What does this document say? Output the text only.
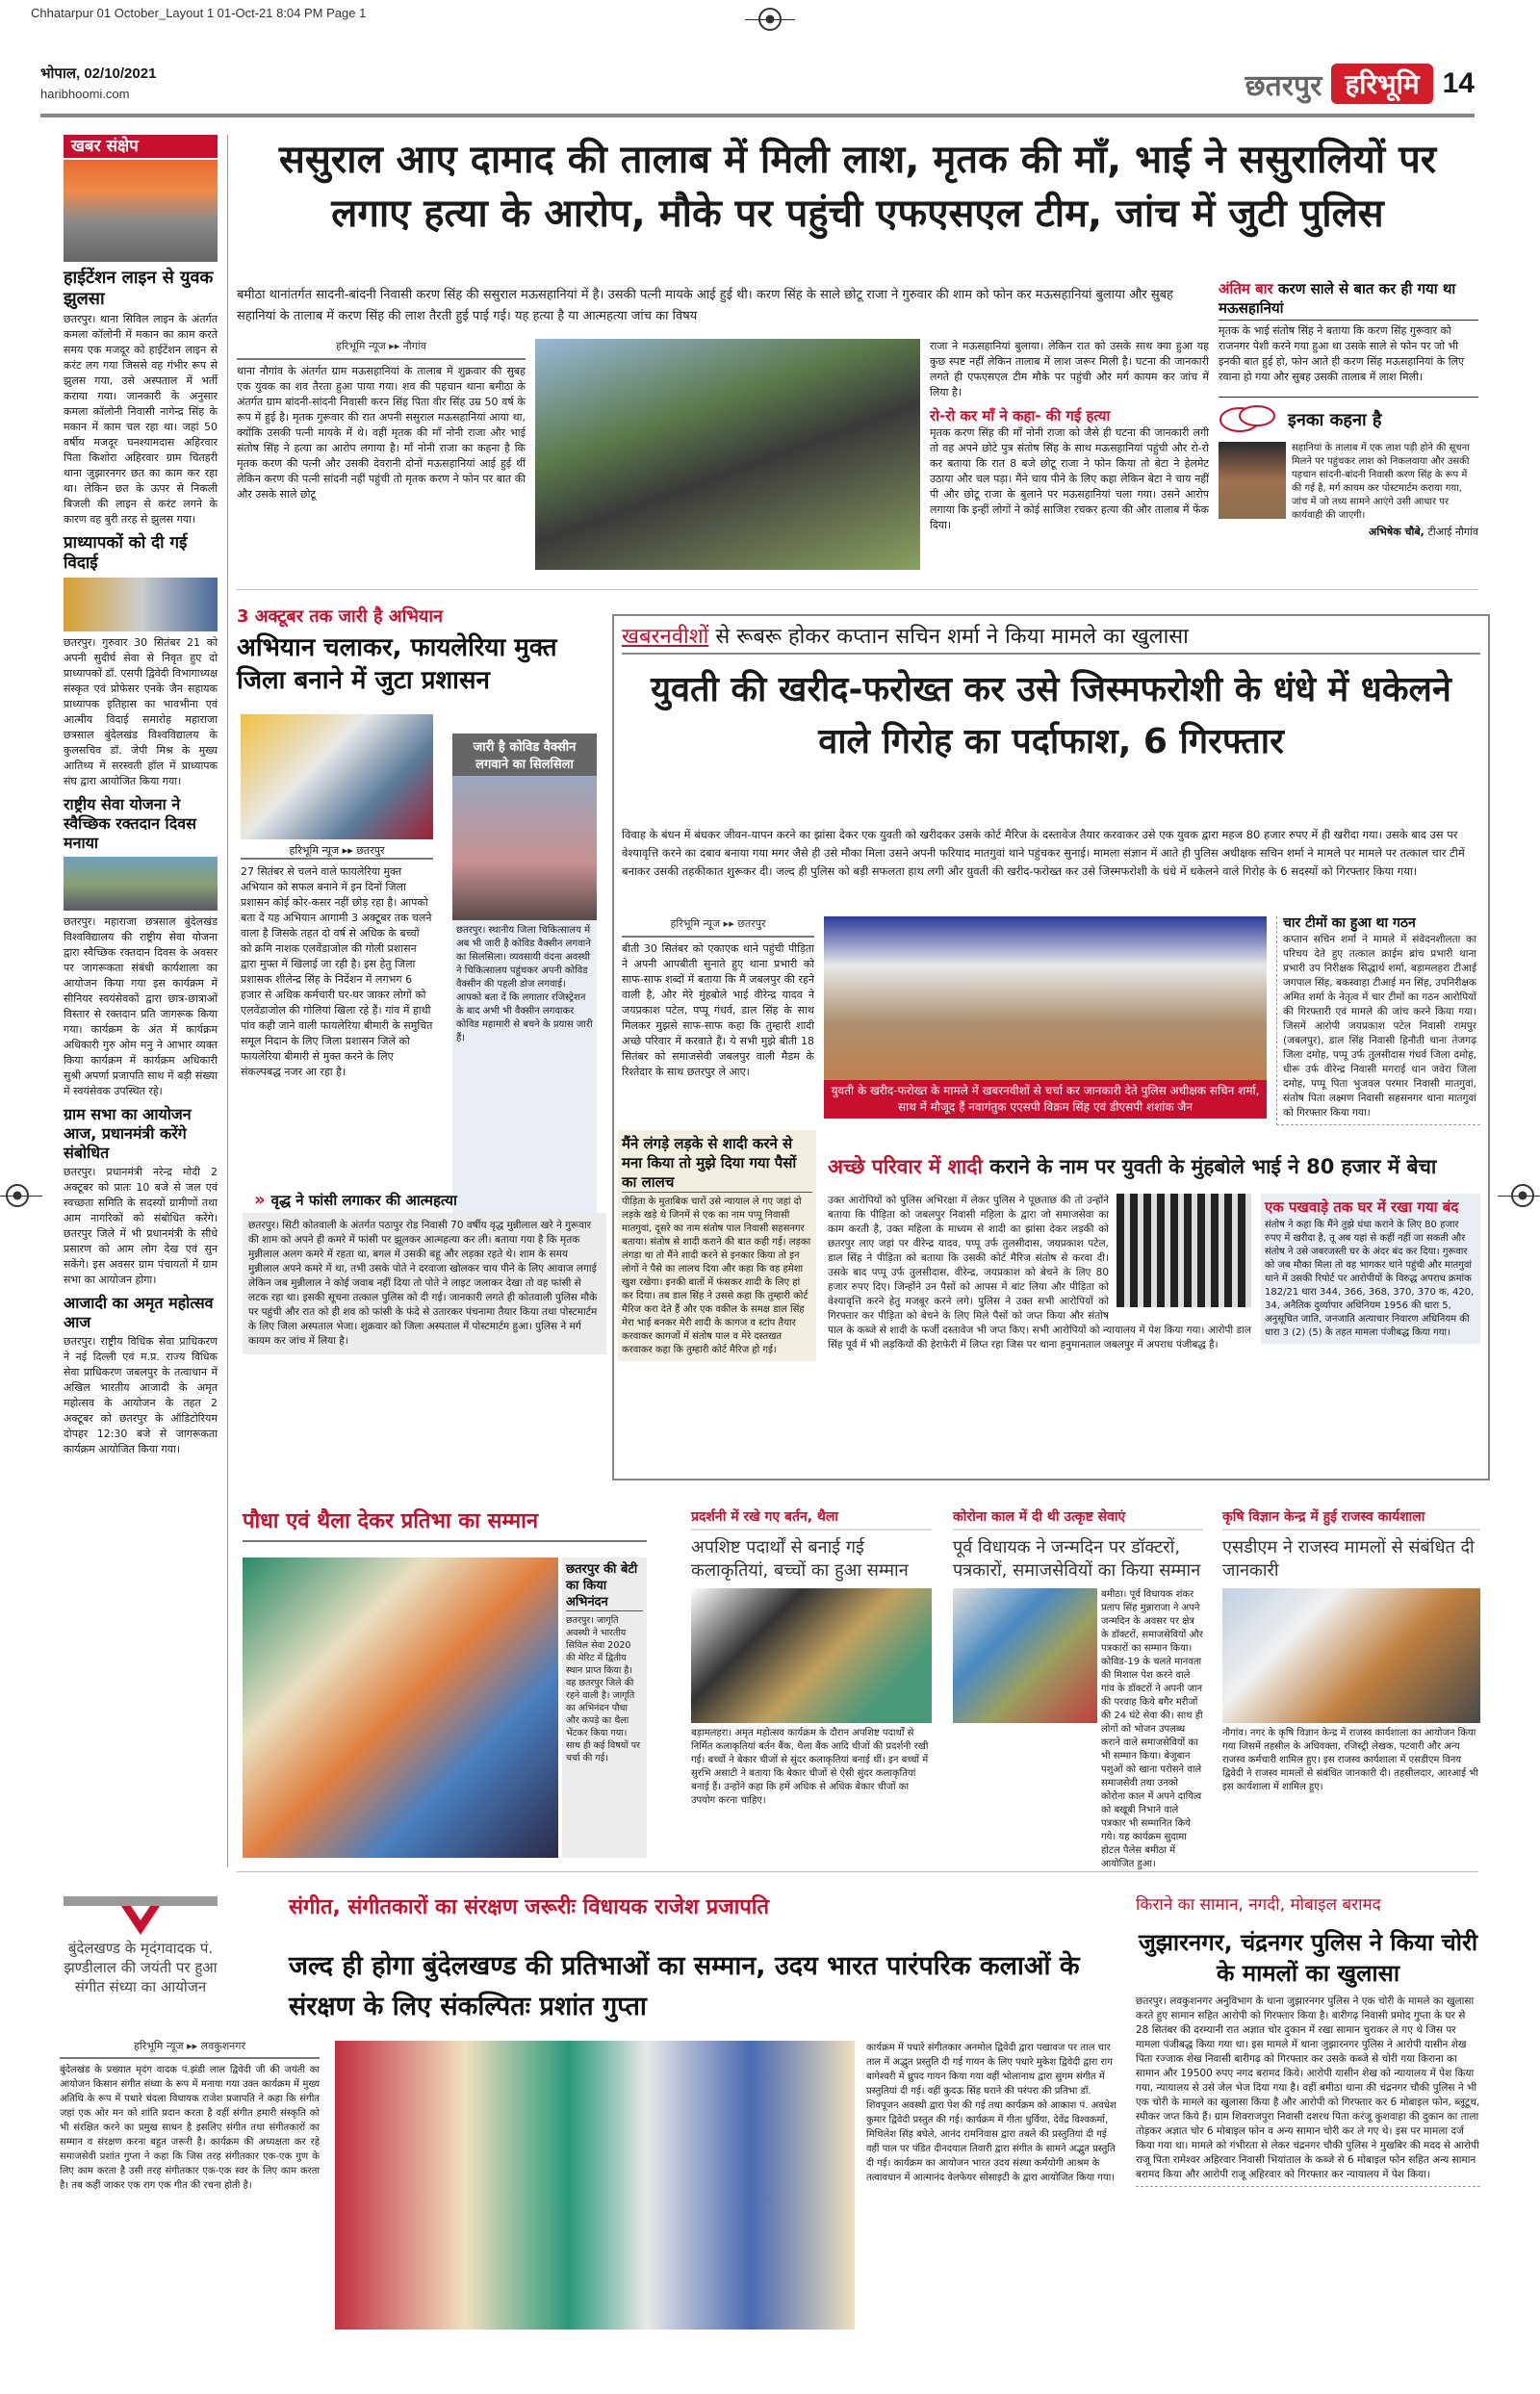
Chhatarpur 01 October_Layout 1 01-Oct-21 8:04 PM Page 1
भोपाल, 02/10/2021
haribhoomi.com	छतरपुर हरिभूमि 14
खबर संक्षेप
हाईटेंशन लाइन से युवक झुलसा

छतरपुर। थाना सिविल लाइन के अंतर्गत कमला कॉलोनी में मकान का काम करते समय एक मजदूर को हाईटेंशन लाइन से करंट लग गया जिससे वह गंभीर रूप से झुलस गया, उसे अस्पताल में भर्ती कराया गया। जानकारी के अनुसार कमला कॉलोनी निवासी नागेन्द्र सिंह के मकान में काम चल रहा था। जहां 50 वर्षीय मजदूर घनश्यामदास अहिरवार पिता किशोरा अहिरवार ग्राम चितहरी थाना जुझारनगर छत का काम कर रहा था। लेकिन छत के ऊपर से निकली बिजली की लाइन से करंट लगने के कारण वह बुरी तरह से झुलस गया।

प्राध्यापकों को दी गई विदाई

छतरपुर। गुरुवार 30 सितंबर 21 को अपनी सुदीर्घ सेवा से निवृत हुए दो प्राध्यापकों डॉ. एसपी द्विवेदी विभागाध्यक्ष संस्कृत एवं प्रोफेसर एनके जैन सहायक प्राध्यापक इतिहास का भावभीना एवं आत्मीय विदाई समारोह महाराजा छत्रसाल बुंदेलखंड विश्वविद्यालय के कुलसचिव डॉ. जेपी मिश्र के मुख्य आतिथ्य में सरस्वती हॉल में प्राध्यापक संघ द्वारा आयोजित किया गया।

राष्ट्रीय सेवा योजना ने स्वैच्छिक रक्तदान दिवस मनाया

छतरपुर। महाराजा छत्रसाल बुंदेलखंड विश्वविद्यालय की राष्ट्रीय सेवा योजना द्वारा स्वैच्छिक रक्तदान दिवस के अवसर पर जागरूकता संबंधी कार्यशाला का आयोजन किया गया इस कार्यक्रम में सीनियर स्वयंसेवकों द्वारा छात्र-छात्राओं विस्तार से रक्तदान प्रति जागरूक किया गया। कार्यक्रम के अंत में कार्यक्रम अधिकारी गुरु ओम मनु ने आभार व्यक्त किया कार्यक्रम में कार्यक्रम अधिकारी सुश्री अपर्णा प्रजापति साथ में बड़ी संख्या में स्वयंसेवक उपस्थित रहे।

ग्राम सभा का आयोजन आज, प्रधानमंत्री करेंगे संबोधित

छतरपुर। प्रधानमंत्री नरेन्द्र मोदी 2 अक्टूबर को प्रातः 10 बजे से जल एवं स्वच्छता समिति के सदस्यों ग्रामीणों तथा आम नागरिकों को संबोधित करेंगे। छतरपुर जिले में भी प्रधानमंत्री के सीधे प्रसारण को आम लोग देख एवं सुन सकेंगे। इस अवसर ग्राम पंचायतों में ग्राम सभा का आयोजन होगा।

आजादी का अमृत महोत्सव आज

छतरपुर। राष्ट्रीय विधिक सेवा प्राधिकरण ने नई दिल्ली एवं म.प्र. राज्य विधिक सेवा प्राधिकरण जबलपुर के तत्वाधान में अखिल भारतीय आजादी के अमृत महोत्सव के आयोजन के तहत 2 अक्टूबर को छतरपुर के ऑडिटोरियम दोपहर 12:30 बजे से जागरूकता कार्यक्रम आयोजित किया गया।

ससुराल आए दामाद की तालाब में मिली लाश, मृतक की माँ, भाई ने ससुरालियों पर लगाए हत्या के आरोप, मौके पर पहुंची एफएसएल टीम, जांच में जुटी पुलिस
बमीठा थानांतर्गत सादनी-बांदनी निवासी करण सिंह की ससुराल मऊसहानियां में है। उसकी पत्नी मायके आई हुई थी। करण सिंह के साले छोटू राजा ने गुरुवार की शाम को फोन कर मऊसहानियां बुलाया और सुबह सहानियां के तालाब में करण सिंह की लाश तैरती हुई पाई गई। यह हत्या है या आत्महत्या जांच का विषय
हरिभूमि न्यूज ▸▸ नौगांव

थाना नौगांव के अंतर्गत ग्राम मऊसहानियां के तालाब में शुक्रवार की सुबह एक युवक का शव तैरता हुआ पाया गया। शव की पहचान थाना बमीठा के अंतर्गत ग्राम बांदनी-सांदनी निवासी करन सिंह पिता वीर सिंह उम्र 50 वर्ष के रूप में हुई है। मृतक गुरूवार की रात अपनी ससुराल मऊसहानियां आया था, क्योंकि उसकी पत्नी मायके में थे। वहीं मृतक की माँ नोनी राजा और भाई संतोष सिंह ने हत्या का आरोप लगाया है। माँ नोनी राजा का कहना है कि मृतक करण की पत्नी और उसकी देवरानी दोनों मऊसहानियां आई हुई थीं लेकिन करण की पत्नी सांदनी नहीं पहुंची तो मृतक करण ने फोन पर बात की और उसके साले छोटू

राजा ने मऊसहानियां बुलाया। लेकिन रात को उसके साथ क्या हुआ यह कुछ स्पष्ट नहीं लेकिन तालाब में लाश जरूर मिली है। घटना की जानकारी लगते ही एफएसएल टीम मौके पर पहुंची और मर्ग कायम कर जांच में लिया है।

रो-रो कर माँ ने कहा- की गई हत्या

मृतक करण सिंह की माँ नोनी राजा को जैसे ही घटना की जानकारी लगी तो वह अपने छोटे पुत्र संतोष सिंह के साथ मऊसहानियां पहुंची और रो-रो कर बताया कि रात 8 बजे छोटू राजा ने फोन किया तो बेटा ने हेलमेट उठाया और चल पड़ा। मैंने चाय पीने के लिए कहा लेकिन बेटा ने चाय नहीं पी और छोटू राजा के बुलाने पर मऊसहानियां चला गया। उसने आरोप लगाया कि इन्हीं लोगों ने कोई साजिश रचकर हत्या की और तालाब में फेंक दिया।

अंतिम बार करण साले से बात कर ही गया था मऊसहानियां

मृतक के भाई संतोष सिंह ने बताया कि करण सिंह गुरूवार को राजनगर पेशी करने गया हुआ था उसके साले से फोन पर जो भी इनकी बात हुई हो, फोन आते ही करण सिंह मऊसहानियां के लिए रवाना हो गया और सुबह उसकी तालाब में लाश मिली।

इनका कहना है

सहानियां के तालाब में एक लाश पड़ी होने की सूचना मिलने पर पहुंचकर लाश को निकलवाया और उसकी पहचान सांदनी-बांदनी निवासी करण सिंह के रूप में की गई है, मर्ग कायम कर पोस्टमार्टम कराया गया, जांच में जो तथ्य सामने आएंगे उसी आधार पर कार्यवाही की जाएगी।

अभिषेक चौबे, टीआई नौगांव
3 अक्टूबर तक जारी है अभियान
अभियान चलाकर, फायलेरिया मुक्त जिला बनाने में जुटा प्रशासन
हरिभूमि न्यूज ▸▸ छतरपुर
27 सितंबर से चलने वाले फायलेरिया मुक्त अभियान को सफल बनाने में इन दिनों जिला प्रशासन कोई कोर-कसर नहीं छोड़ रहा है। आपको बता दें यह अभियान आगामी 3 अक्टूबर तक चलने वाला है जिसके तहत दो वर्ष से अधिक के बच्चों को क्रमि नाशक एलवेंडाजोल की गोली प्रशासन द्वारा मुफ्त में खिलाई जा रही है। इस हेतु जिला प्रशासक शीलेन्द्र सिंह के निर्देशन में लगभग 6 हजार से अधिक कर्मचारी घर-घर जाकर लोगों को एलवेंडाजोल की गोलियां खिला रहे हैं। गांव में हाथी पांव कही जाने वाली फायलेरिया बीमारी के समुचित समूल निदान के लिए जिला प्रशासन जिले को फायलेरिया बीमारी से मुक्त करने के लिए संकल्पबद्ध नजर आ रहा है।
जारी है कोविड वैक्सीन लगवाने का सिलसिला

छतरपुर। स्थानीय जिला चिकित्सालय में अब भी जारी है कोविड वैक्सीन लगवाने का सिलसिला। व्यवसायी वंदना अवस्थी ने चिकित्सालय पहुंचकर अपनी कोविड वैक्सीन की पहली डोज लगवाई। आपको बता दें कि लगातार रजिस्ट्रेशन के बाद अभी भी वैक्सीन लगवाकर कोविड महामारी से बचने के प्रयास जारी हैं।

» वृद्ध ने फांसी लगाकर की आत्महत्या
छतरपुर। सिटी कोतवाली के अंतर्गत पठापुर रोड निवासी 70 वर्षीय वृद्ध मुन्नीलाल खरे ने गुरूवार की शाम को अपने ही कमरे में फांसी पर झूलकर आत्महत्या कर ली। बताया गया है कि मृतक मुन्नीलाल अलग कमरे में रहता था, बगल में उसकी बहू और लड़का रहते थे। शाम के समय मुन्नीलाल अपने कमरे में था, तभी उसके पोते ने दरवाजा खोलकर चाय पीने के लिए आवाज लगाई लेकिन जब मुन्नीलाल ने कोई जवाब नहीं दिया तो पोते ने लाइट जलाकर देखा तो वह फांसी से लटक रहा था। इसकी सूचना तत्काल पुलिस को दी गई। जानकारी लगते ही कोतवाली पुलिस मौके पर पहुंची और रात को ही शव को फांसी के फंदे से उतारकर पंचनामा तैयार किया तथा पोस्टमार्टम के लिए जिला अस्पताल भेजा। शुक्रवार को जिला अस्पताल में पोस्टमार्टम हुआ। पुलिस ने मर्ग कायम कर जांच में लिया है।
खबरनवीशों से रूबरू होकर कप्तान सचिन शर्मा ने किया मामले का खुलासा
युवती की खरीद-फरोख्त कर उसे जिस्मफरोशी के धंधे में धकेलने वाले गिरोह का पर्दाफाश, 6 गिरफ्तार
विवाह के बंधन में बंधकर जीवन-यापन करने का झांसा देकर एक युवती को खरीदकर उसके कोर्ट मैरिज के दस्तावेज तैयार करवाकर उसे एक युवक द्वारा महज 80 हजार रुपए में ही खरीदा गया। उसके बाद उस पर वेश्यावृत्ति करने का दबाव बनाया गया मगर जैसे ही उसे मौका मिला उसने अपनी फरियाद मातगुवां थाने पहुंचकर सुनाई। मामला संज्ञान में आते ही पुलिस अधीक्षक सचिन शर्मा ने मामले पर मामले पर तत्काल चार टीमें बनाकर उसकी तहकीकात शुरूकर दी। जल्द ही पुलिस को बड़ी सफलता हाथ लगी और युवती की खरीद-फरोख्त कर उसे जिस्मफरोशी के धंधे में धकेलने वाले गिरोह के 6 सदस्यों को गिरफ्तार किया गया।
हरिभूमि न्यूज ▸▸ छतरपुर

बीती 30 सितंबर को एकाएक थाने पहुंची पीड़िता ने अपनी आपबीती सुनाते हुए थाना प्रभारी को साफ-साफ शब्दों में बताया कि मैं जबलपुर की रहने वाली है, और मेरे मुंहबोले भाई वीरेन्द्र यादव ने जयप्रकाश पटेल, पप्पू गंधर्व, डाल सिंह के साथ मिलकर मुझसे साफ-साफ कहा कि तुम्हारी शादी अच्छे परिवार में करवाते हैं। ये सभी मुझे बीती 18 सितंबर को समाजसेवी जबलपुर वाली मैडम के रिश्तेदार के साथ छतरपुर ले आए।

युवती के खरीद-फरोख्त के मामले में खबरनवीशों से चर्चा कर जानकारी देते पुलिस अधीक्षक सचिन शर्मा, साथ में मौजूद हैं नवागंतुक एएसपी विक्रम सिंह एवं डीएसपी शशांक जैन
चार टीमों का हुआ था गठन

कप्तान सचिन शर्मा ने मामले में संवेदनशीलता का परिचय देते हुए तत्काल क्राईम ब्रांच प्रभारी थाना प्रभारी उप निरीक्षक सिद्धार्थ शर्मा, बड़ामलहरा टीआई जगपाल सिंह, बकस्वाहा टीआई मन सिंह, उपनिरीक्षक अमित शर्मा के नेतृत्व में चार टीमों का गठन आरोपियों की गिरफ्तारी एवं मामले की जांच करने किया गया। जिसमें आरोपी जयप्रकाश पटेल निवासी रामपुर (जबलपुर), डाल सिंह निवासी हिनौती थाना तेजगढ़ जिला दमोह, पप्पू उर्फ तुलसीदास गंधर्व जिला दमोह, धीरू उर्फ वीरेन्द्र निवासी मगराई थान जवेरा जिला दमोह, पप्पू पिता भुजवल परमार निवासी मातगुवां, संतोष पिता लक्ष्मण निवासी सहसनगर थाना मातगुवां को गिरफ्तार किया गया।

मैंने लंगड़े लड़के से शादी करने से मना किया तो मुझे दिया गया पैसों का लालच

पीड़िता के मुताबिक चारों उसे न्यायाल ले गए जहां दो लड़के खड़े थे जिनमें से एक का नाम पप्पू निवासी मातगुवां, दूसरे का नाम संतोष पाल निवासी सहसनगर बताया। संतोष से शादी कराने की बात कही गई। लड़का लंगड़ा था तो मैंने शादी करने से इनकार किया तो इन लोगों ने पैसे का लालच दिया और कहा कि वह हमेशा खुश रखेगा। इनकी बातों में फंसकर शादी के लिए हां कर दिया। तब डाल सिंह ने उससे कहा कि तुम्हारी कोर्ट मैरिज करा देते हैं और एक वकील के समक्ष डाल सिंह मेरा भाई बनकर मेरी शादी के कागज व स्टांप तैयार करवाकर कागजों में संतोष पाल व मेरे दस्तखत करवाकर कहा कि तुम्हारी कोर्ट मैरिज हो गई।

अच्छे परिवार में शादी कराने के नाम पर युवती के मुंहबोले भाई ने 80 हजार में बेचा

उक्त आरोपियों को पुलिस अभिरक्षा में लेकर पुलिस ने पूछताछ की तो उन्होंने बताया कि पीड़िता को जबलपुर निवासी महिला के द्वारा जो समाजसेवा का काम करती है, उक्त महिला के माध्यम से शादी का झांसा देकर लड़की को छतरपुर लाए जहां पर वीरेन्द्र यादव, पप्पू उर्फ तुलसीदास, जयप्रकाश पटेल, डाल सिंह ने पीड़िता को बताया कि उसकी कोर्ट मैरिज संतोष से करवा दी। उसके बाद पप्पू उर्फ तुलसीदास, वीरेन्द्र, जयप्रकाश को बेचने के लिए 80 हजार रुपए दिए। जिन्होंने उन पैसों को आपस में बांट लिया और पीड़िता को वेश्यावृत्ति करने हेतु मजबूर करने लगे। पुलिस ने उक्त सभी आरोपियों को गिरफ्तार कर पीड़िता को बेचने के लिए मिले पैसों को जप्त किया और संतोष पाल के कब्जे से शादी के फर्जी दस्तावेज भी जप्त किए। सभी आरोपियों को न्यायालय में पेश किया गया। आरोपी डाल सिंह पूर्व में भी लड़कियों की हेराफेरी में लिप्त रहा जिस पर थाना हनुमानताल जबलपुर में अपराध पंजीबद्ध है।

एक पखवाड़े तक घर में रखा गया बंद

संतोष ने कहा कि मैंने तुझे धंधा कराने के लिए 80 हजार रुपए में खरीदा है, तू अब यहां से कहीं नहीं जा सकती और संतोष ने उसे जबरजस्ती घर के अंदर बंद कर दिया। गुरूवार को जब मौका मिला तो वह भागकर थाने पहुंची और मातगुवां थाने में उसकी रिपोर्ट पर आरोपीयों के विरुद्ध अपराध क्रमांक 182/21 धारा 344, 366, 368, 370, 370 क, 420, 34, अनैतिक दुर्व्यापार अधिनियम 1956 की धारा 5, अनुसूचित जाति, जनजाति अत्याचार निवारण अधिनियम की धारा 3 (2) (5) के तहत मामला पंजीबद्ध किया गया।

पौधा एवं थैला देकर प्रतिभा का सम्मान
छतरपुर की बेटी का किया अभिनंदन

छतरपुर। जागृति अवस्थी ने भारतीय सिविल सेवा 2020 की मेरिट में द्वितीय स्थान प्राप्त किया है। वह छतरपुर जिले की रहने वाली है। जागृति का अभिनंदन पौधा और कपड़े का थैला भेंटकर किया गया। साथ ही कई विषयों पर चर्चा की गई।

प्रदर्शनी में रखे गए बर्तन, थैला
अपशिष्ट पदार्थों से बनाई गई कलाकृतियां, बच्चों का हुआ सम्मान

बड़ामलहरा। अमृत महोत्सव कार्यक्रम के दौरान अपशिष्ट पदार्थों से निर्मित कलाकृतियां बर्तन बैंक, थैला बैंक आदि चीजों की प्रदर्शनी रखी गई। बच्चों ने बेकार चीजों से सुंदर कलाकृतियां बनाई थीं। इन बच्चों में सुरभि असाटी ने बताया कि बेकार चीजों से ऐसी सुंदर कलाकृतियां बनाई हैं। उन्होंने कहा कि हमें अधिक से अधिक बेकार चीजों का उपयोग करना चाहिए।

कोरोना काल में दी थी उत्कृष्ट सेवाएं
पूर्व विधायक ने जन्मदिन पर डॉक्टरों, पत्रकारों, समाजसेवियों का किया सम्मान

बमीठा। पूर्व विधायक शंकर प्रताप सिंह मुन्नाराजा ने अपने जन्मदिन के अवसर पर क्षेत्र के डॉक्टरों, समाजसेवियों और पत्रकारों का सम्मान किया। कोविड-19 के चलते मानवता की मिशाल पेश करने वाले गांव के डॉक्टरों ने अपनी जान की परवाह किये बगैर मरीजों की 24 घंटे सेवा की। साथ ही लोगों को भोजन उपलब्ध कराने वाले समाजसेवियों का भी सम्मान किया। बेजुबान पशुओं को खाना परोसने वाले समाजसेवी तथा उनको कोरोना काल में अपने दायित्व को बखूबी निभाने वाले पत्रकार भी सम्मानित किये गये। यह कार्यक्रम सुदामा होटल पैलेस बमीठा में आयोजित हुआ।

कृषि विज्ञान केन्द्र में हुई राजस्व कार्यशाला
एसडीएम ने राजस्व मामलों से संबंधित दी जानकारी

नौगांव। नगर के कृषि विज्ञान केन्द्र में राजस्व कार्यशाला का आयोजन किया गया जिसमें तहसील के अधिवक्ता, रजिस्ट्री लेखक, पटवारी और अन्य राजस्व कर्मचारी शामिल हुए। इस राजस्व कार्यशाला में एसडीएम विनय द्विवेदी ने राजस्व मामलों से संबंधित जानकारी दी। तहसीलदार, आरआई भी इस कार्यशाला में शामिल हुए।

बुंदेलखण्ड के मृदंगवादक पं. झण्डीलाल की जयंती पर हुआ संगीत संध्या का आयोजन
संगीत, संगीतकारों का संरक्षण जरूरीः विधायक राजेश प्रजापति
जल्द ही होगा बुंदेलखण्ड की प्रतिभाओं का सम्मान, उदय भारत पारंपरिक कलाओं के संरक्षण के लिए संकल्पितः प्रशांत गुप्ता
हरिभूमि न्यूज ▸▸ लवकुशनगर

बुंदेलखंड के प्रख्यात मृदंग वादक पं.झंडी लाल द्विवेदी जी की जयंती का आयोजन किसान संगीत संध्या के रूप में मनाया गया उक्त कार्यक्रम में मुख्य अतिथि के रूप में पधारे चंदला विधायक राजेश प्रजापति ने कहा कि संगीत जहां एक ओर मन को शांति प्रदान करता है वहीं संगीत हमारी संस्कृति को भी संरक्षित करने का प्रमुख साधन है इसलिए संगीत तथा संगीतकारों का सम्मान व संरक्षण करना बहुत जरूरी है। कार्यक्रम की अध्यक्षता कर रहे समाजसेवी प्रशांत गुप्ता ने कहा कि जिस तरह संगीतकार एक-एक गुण के लिए काम करता है उसी तरह संगीतकार एक-एक स्वर के लिए काम करता है। तब कहीं जाकर एक राग एक गीत की रचना होती है।

कार्यक्रम में पधारे संगीतकार अनमोल द्विवेदी द्वारा पखावज पर ताल चार ताल में अद्भुत प्रस्तुति दी गई गायन के लिए पधारे मुकेश द्विवेदी द्वारा राग बागेश्वरी में ध्रुपद गायन किया गया वहीं भोलानाथ द्वारा सुगम संगीत में प्रस्तुतियां दी गई। वहीं कुदऊ सिंह घराने की परंपरा की प्रतिभा डॉ. शिवपूजन अवस्थी द्वारा पेश की गई तथा कार्यक्रम को आकाश पं. अवधेश कुमार द्विवेदी प्रस्तुत की गई। कार्यक्रम में गीता धुर्विया, देवेंद्र विश्वकर्मा, मिथिलेश सिंह बघेले, आनंद रामनिवास द्वारा तबले की प्रस्तुतियां दी गई वहीं पाल पर पंडित दीनदयाल तिवारी द्वारा संगीत के सामने अद्भुत प्रस्तुति दी गई। कार्यक्रम का आयोजन भारत उदय संस्था कर्मयोगी आश्रम के तत्वावधान में आत्मानंद वेलफेयर सोसाइटी के द्वारा आयोजित किया गया।
किराने का सामान, नगदी, मोबाइल बरामद
जुझारनगर, चंद्रनगर पुलिस ने किया चोरी के मामलों का खुलासा

छतरपुर। लवकुशनगर अनुविभाग के थाना जुझारनगर पुलिस ने एक चोरी के मामले का खुलासा करते हुए सामान सहित आरोपी को गिरफ्तार किया है। बारीगढ़ निवासी प्रमोद गुप्ता के घर से 28 सितंबर की दरम्यानी रात अज्ञात चोर दुकान में रखा सामान चुराकर ले गए थे जिस पर मामला पंजीबद्ध किया गया था। इस मामले में थाना जुझारनगर पुलिस ने आरोपी यासीन शेख पिता रज्जाक शेख निवासी बारीगढ़ को गिरफ्तार कर उसके कब्जे से चोरी गया किराना का सामान और 19500 रुपए नगद बरामद किये। आरोपी यासीन शेख को न्यायालय में पेश किया गया, न्यायालय से उसे जेल भेज दिया गया है। वहीं बमीठा थाना की चंद्रनगर चौकी पुलिस ने भी एक चोरी के मामले का खुलासा किया है और आरोपी को गिरफ्तार कर 6 मोबाइल फोन, ब्लूटूथ, स्पीकर जप्त किये हैं। ग्राम शिवराजपुरा निवासी दशरथ पिता करंजू कुशवाहा की दुकान का ताला तोड़कर अज्ञात चोर 6 मोबाइल फोन व अन्य सामान चोरी कर ले गए थे। इस पर मामला दर्ज किया गया था। मामले को गंभीरता से लेकर चंद्रनगर चौकी पुलिस ने मुखबिर की मदद से आरोपी राजू पिता रामेश्वर अहिरवार निवासी भियांताल के कब्जे से 6 मोबाइल फोन सहित अन्य सामान बरामद किया और आरोपी राजू अहिरवार को गिरफ्तार कर न्यायालय में पेश किया।
